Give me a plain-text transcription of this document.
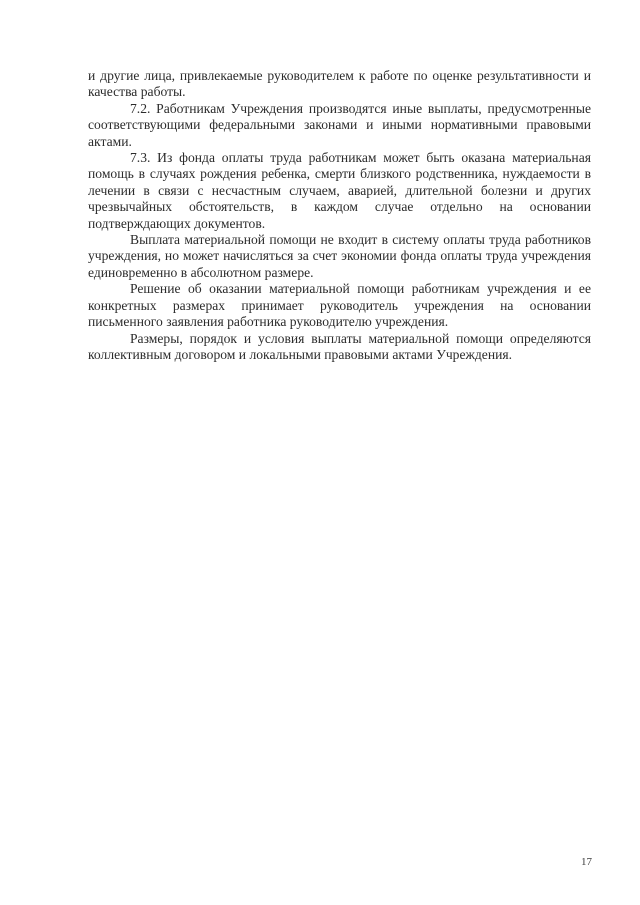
и другие лица, привлекаемые руководителем к работе по оценке результативности и качества работы.

7.2. Работникам Учреждения производятся иные выплаты, предусмотренные соответствующими федеральными законами и иными нормативными правовыми актами.

7.3. Из фонда оплаты труда работникам может быть оказана материальная помощь в случаях рождения ребенка, смерти близкого родственника, нуждаемости в лечении в связи с несчастным случаем, аварией, длительной болезни и других чрезвычайных обстоятельств, в каждом случае отдельно на основании подтверждающих документов.

Выплата материальной помощи не входит в систему оплаты труда работников учреждения, но может начисляться за счет экономии фонда оплаты труда учреждения единовременно в абсолютном размере.

Решение об оказании материальной помощи работникам учреждения и ее конкретных размерах принимает руководитель учреждения на основании письменного заявления работника руководителю учреждения.

Размеры, порядок и условия выплаты материальной помощи определяются коллективным договором и локальными правовыми актами Учреждения.

17
